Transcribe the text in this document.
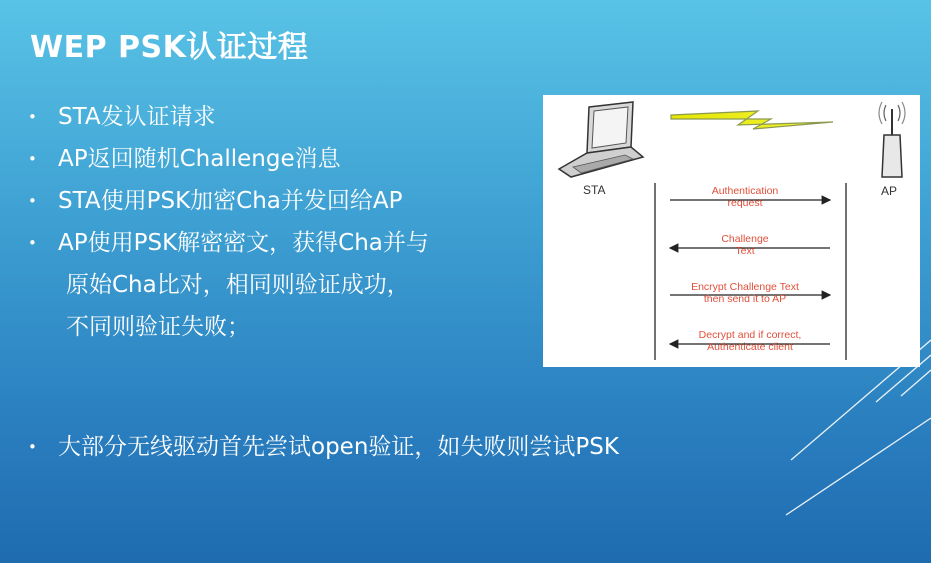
WEP PSK认证过程
• STA发认证请求
• AP返回随机Challenge消息
• STA使用PSK加密Cha并发回给AP
• AP使用PSK解密密文，获得Cha并与
原始Cha比对，相同则验证成功，
不同则验证失败；
• 大部分无线驱动首先尝试open验证，如失败则尝试PSK
STA	AP
Authentication
request
Challenge
Text
Encrypt Challenge Text
then send it to AP
Decrypt and if correct,
Authenticate client
